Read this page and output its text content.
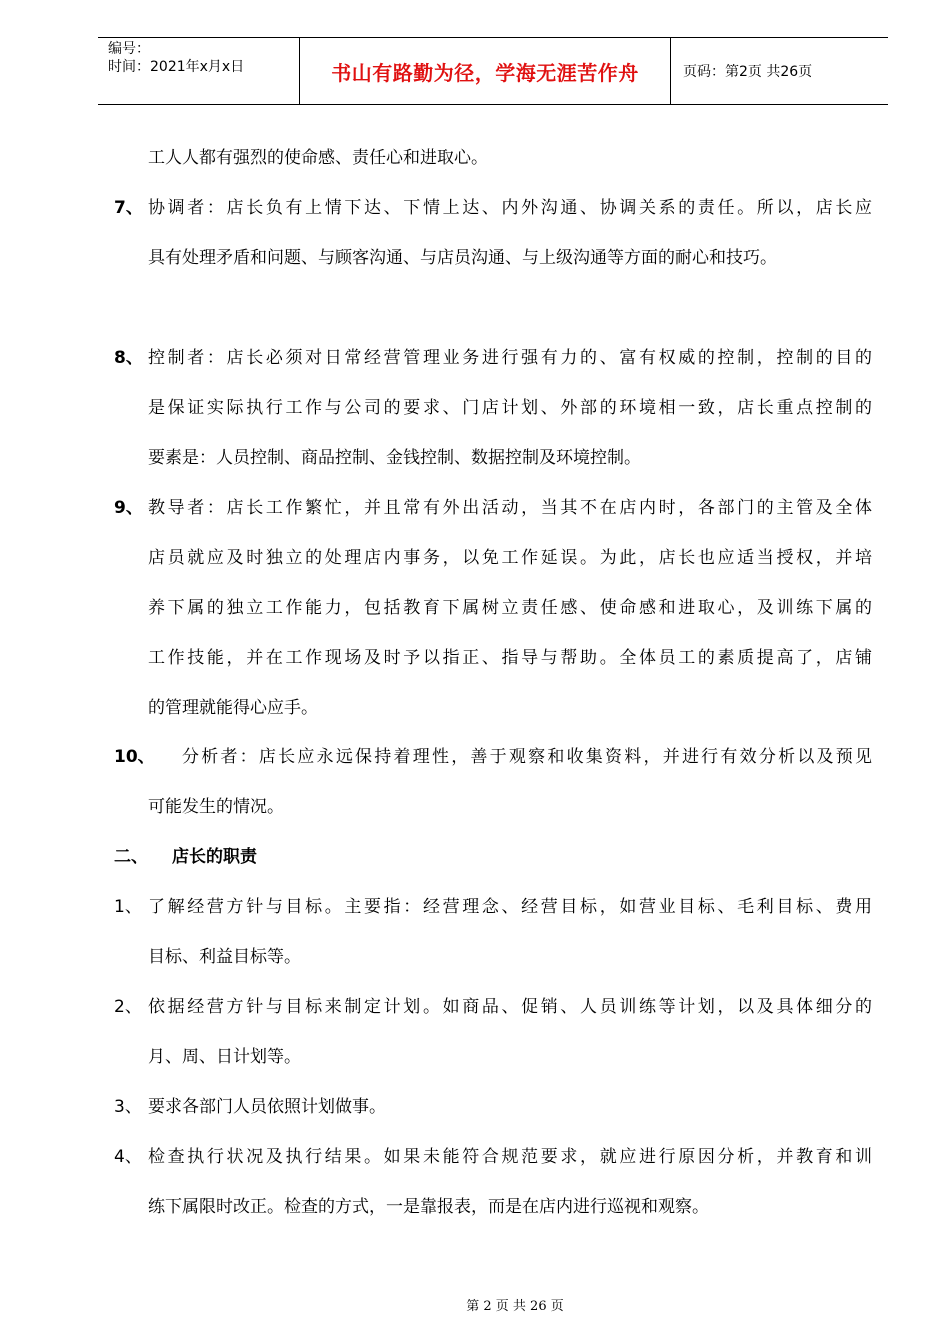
编号：
时间：2021年x月x日	书山有路勤为径，学海无涯苦作舟	页码：第2页 共26页
工人人都有强烈的使命感、责任心和进取心。
7、 协调者：店长负有上情下达、下情上达、内外沟通、协调关系的责任。所以，店长应
具有处理矛盾和问题、与顾客沟通、与店员沟通、与上级沟通等方面的耐心和技巧。
8、 控制者：店长必须对日常经营管理业务进行强有力的、富有权威的控制，控制的目的
是保证实际执行工作与公司的要求、门店计划、外部的环境相一致，店长重点控制的
要素是：人员控制、商品控制、金钱控制、数据控制及环境控制。
9、 教导者：店长工作繁忙，并且常有外出活动，当其不在店内时，各部门的主管及全体
店员就应及时独立的处理店内事务，以免工作延误。为此，店长也应适当授权，并培
养下属的独立工作能力，包括教育下属树立责任感、使命感和进取心，及训练下属的
工作技能，并在工作现场及时予以指正、指导与帮助。全体员工的素质提高了，店铺
的管理就能得心应手。
10、 分析者：店长应永远保持着理性，善于观察和收集资料，并进行有效分析以及预见
可能发生的情况。
二、 店长的职责
1、 了解经营方针与目标。主要指：经营理念、经营目标，如营业目标、毛利目标、费用
目标、利益目标等。
2、 依据经营方针与目标来制定计划。如商品、促销、人员训练等计划，以及具体细分的
月、周、日计划等。
3、 要求各部门人员依照计划做事。
4、 检查执行状况及执行结果。如果未能符合规范要求，就应进行原因分析，并教育和训
练下属限时改正。检查的方式，一是靠报表，而是在店内进行巡视和观察。
第 2 页 共 26 页
